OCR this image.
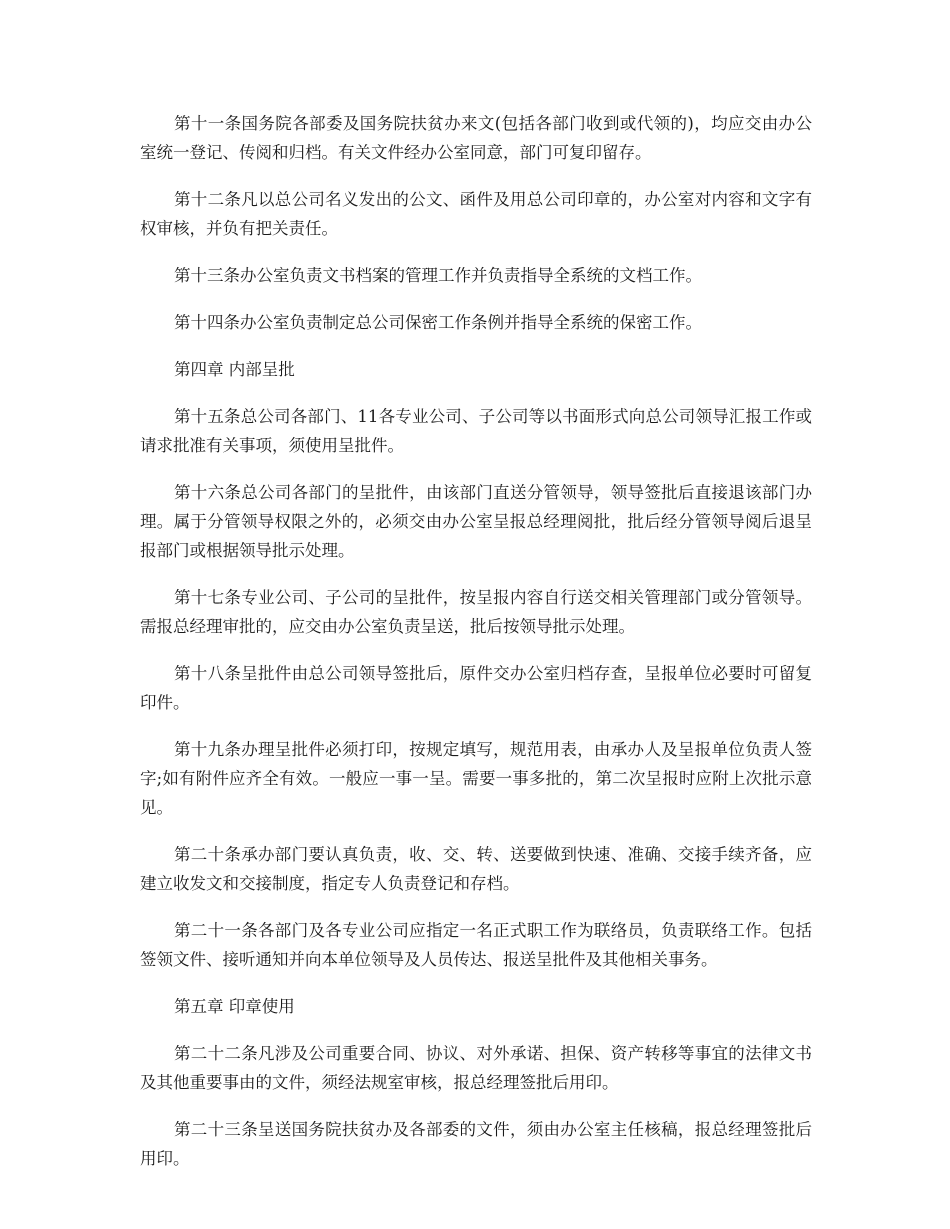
第十一条国务院各部委及国务院扶贫办来文(包括各部门收到或代领的)，均应交由办公室统一登记、传阅和归档。有关文件经办公室同意，部门可复印留存。

第十二条凡以总公司名义发出的公文、函件及用总公司印章的，办公室对内容和文字有权审核，并负有把关责任。

第十三条办公室负责文书档案的管理工作并负责指导全系统的文档工作。

第十四条办公室负责制定总公司保密工作条例并指导全系统的保密工作。

第四章 内部呈批

第十五条总公司各部门、11各专业公司、子公司等以书面形式向总公司领导汇报工作或请求批准有关事项，须使用呈批件。

第十六条总公司各部门的呈批件，由该部门直送分管领导，领导签批后直接退该部门办理。属于分管领导权限之外的，必须交由办公室呈报总经理阅批，批后经分管领导阅后退呈报部门或根据领导批示处理。

第十七条专业公司、子公司的呈批件，按呈报内容自行送交相关管理部门或分管领导。需报总经理审批的，应交由办公室负责呈送，批后按领导批示处理。

第十八条呈批件由总公司领导签批后，原件交办公室归档存查，呈报单位必要时可留复印件。

第十九条办理呈批件必须打印，按规定填写，规范用表，由承办人及呈报单位负责人签字;如有附件应齐全有效。一般应一事一呈。需要一事多批的，第二次呈报时应附上次批示意见。

第二十条承办部门要认真负责，收、交、转、送要做到快速、准确、交接手续齐备，应建立收发文和交接制度，指定专人负责登记和存档。

第二十一条各部门及各专业公司应指定一名正式职工作为联络员，负责联络工作。包括签领文件、接听通知并向本单位领导及人员传达、报送呈批件及其他相关事务。

第五章 印章使用

第二十二条凡涉及公司重要合同、协议、对外承诺、担保、资产转移等事宜的法律文书及其他重要事由的文件，须经法规室审核，报总经理签批后用印。

第二十三条呈送国务院扶贫办及各部委的文件，须由办公室主任核稿，报总经理签批后用印。
